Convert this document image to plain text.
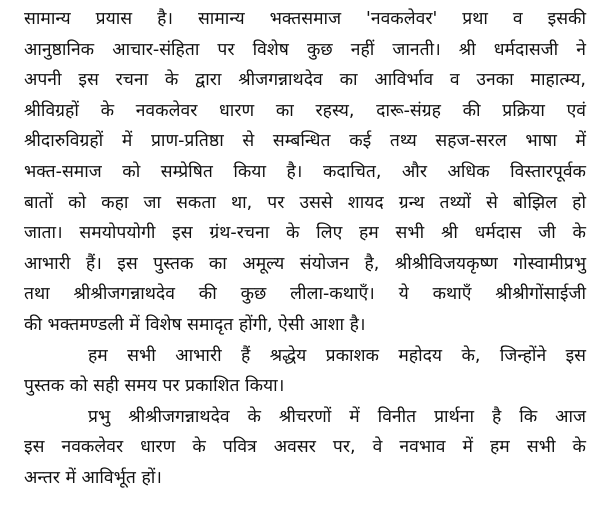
सामान्य प्रयास है। सामान्य भक्तसमाज 'नवकलेवर' प्रथा व इसकी
आनुष्ठानिक आचार-संहिता पर विशेष कुछ नहीं जानती। श्री धर्मदासजी ने
अपनी इस रचना के द्वारा श्रीजगन्नाथदेव का आविर्भाव व उनका माहात्म्य,
श्रीविग्रहों के नवकलेवर धारण का रहस्य, दारू-संग्रह की प्रक्रिया एवं
श्रीदारुविग्रहों में प्राण-प्रतिष्ठा से सम्बन्धित कई तथ्य सहज-सरल भाषा में
भक्त-समाज को सम्प्रेषित किया है। कदाचित, और अधिक विस्तारपूर्वक
बातों को कहा जा सकता था, पर उससे शायद ग्रन्थ तथ्यों से बोझिल हो
जाता। समयोपयोगी इस ग्रंथ-रचना के लिए हम सभी श्री धर्मदास जी के
आभारी हैं। इस पुस्तक का अमूल्य संयोजन है, श्रीश्रीविजयकृष्ण गोस्वामीप्रभु
तथा श्रीश्रीजगन्नाथदेव की कुछ लीला-कथाएँ। ये कथाएँ श्रीश्रीगोंसाईजी
की भक्तमण्डली में विशेष समादृत होंगी, ऐसी आशा है।
हम सभी आभारी हैं श्रद्धेय प्रकाशक महोदय के, जिन्होंने इस
पुस्तक को सही समय पर प्रकाशित किया।
प्रभु श्रीश्रीजगन्नाथदेव के श्रीचरणों में विनीत प्रार्थना है कि आज
इस नवकलेवर धारण के पवित्र अवसर पर, वे नवभाव में हम सभी के
अन्तर में आविर्भूत हों।
